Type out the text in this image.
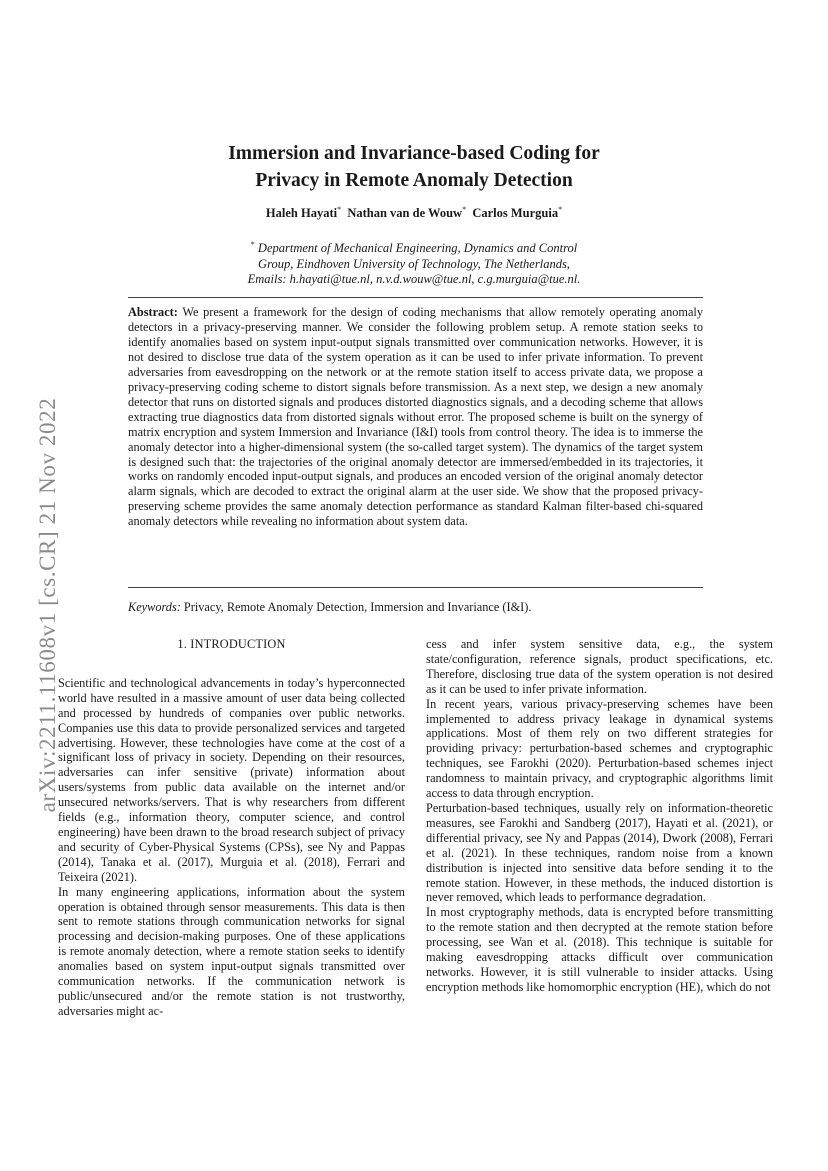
arXiv:2211.11608v1 [cs.CR] 21 Nov 2022
Immersion and Invariance-based Coding for
Privacy in Remote Anomaly Detection
Haleh Hayati* Nathan van de Wouw* Carlos Murguia*
* Department of Mechanical Engineering, Dynamics and Control
Group, Eindhoven University of Technology, The Netherlands,
Emails: h.hayati@tue.nl, n.v.d.wouw@tue.nl, c.g.murguia@tue.nl.
Abstract: We present a framework for the design of coding mechanisms that allow remotely operating anomaly detectors in a privacy-preserving manner. We consider the following problem setup. A remote station seeks to identify anomalies based on system input-output signals transmitted over communication networks. However, it is not desired to disclose true data of the system operation as it can be used to infer private information. To prevent adversaries from eavesdropping on the network or at the remote station itself to access private data, we propose a privacy-preserving coding scheme to distort signals before transmission. As a next step, we design a new anomaly detector that runs on distorted signals and produces distorted diagnostics signals, and a decoding scheme that allows extracting true diagnostics data from distorted signals without error. The proposed scheme is built on the synergy of matrix encryption and system Immersion and Invariance (I&I) tools from control theory. The idea is to immerse the anomaly detector into a higher-dimensional system (the so-called target system). The dynamics of the target system is designed such that: the trajectories of the original anomaly detector are immersed/embedded in its trajectories, it works on randomly encoded input-output signals, and produces an encoded version of the original anomaly detector alarm signals, which are decoded to extract the original alarm at the user side. We show that the proposed privacy-preserving scheme provides the same anomaly detection performance as standard Kalman filter-based chi-squared anomaly detectors while revealing no information about system data.
Keywords: Privacy, Remote Anomaly Detection, Immersion and Invariance (I&I).
1. INTRODUCTION

Scientific and technological advancements in today’s hyperconnected world have resulted in a massive amount of user data being collected and processed by hundreds of companies over public networks. Companies use this data to provide personalized services and targeted advertising. However, these technologies have come at the cost of a significant loss of privacy in society. Depending on their resources, adversaries can infer sensitive (private) information about users/systems from public data available on the internet and/or unsecured networks/servers. That is why researchers from different fields (e.g., information theory, computer science, and control engineering) have been drawn to the broad research subject of privacy and security of Cyber-Physical Systems (CPSs), see Ny and Pappas (2014), Tanaka et al. (2017), Murguia et al. (2018), Ferrari and Teixeira (2021).

In many engineering applications, information about the system operation is obtained through sensor measurements. This data is then sent to remote stations through communication networks for signal processing and decision-making purposes. One of these applications is remote anomaly detection, where a remote station seeks to identify anomalies based on system input-output signals transmitted over communication networks. If the communication network is public/unsecured and/or the remote station is not trustworthy, adversaries might ac-

cess and infer system sensitive data, e.g., the system state/configuration, reference signals, product specifications, etc. Therefore, disclosing true data of the system operation is not desired as it can be used to infer private information.

In recent years, various privacy-preserving schemes have been implemented to address privacy leakage in dynamical systems applications. Most of them rely on two different strategies for providing privacy: perturbation-based schemes and cryptographic techniques, see Farokhi (2020). Perturbation-based schemes inject randomness to maintain privacy, and cryptographic algorithms limit access to data through encryption.

Perturbation-based techniques, usually rely on information-theoretic measures, see Farokhi and Sandberg (2017), Hayati et al. (2021), or differential privacy, see Ny and Pappas (2014), Dwork (2008), Ferrari et al. (2021). In these techniques, random noise from a known distribution is injected into sensitive data before sending it to the remote station. However, in these methods, the induced distortion is never removed, which leads to performance degradation.

In most cryptography methods, data is encrypted before transmitting to the remote station and then decrypted at the remote station before processing, see Wan et al. (2018). This technique is suitable for making eavesdropping attacks difficult over communication networks. However, it is still vulnerable to insider attacks. Using encryption methods like homomorphic encryption (HE), which do not
